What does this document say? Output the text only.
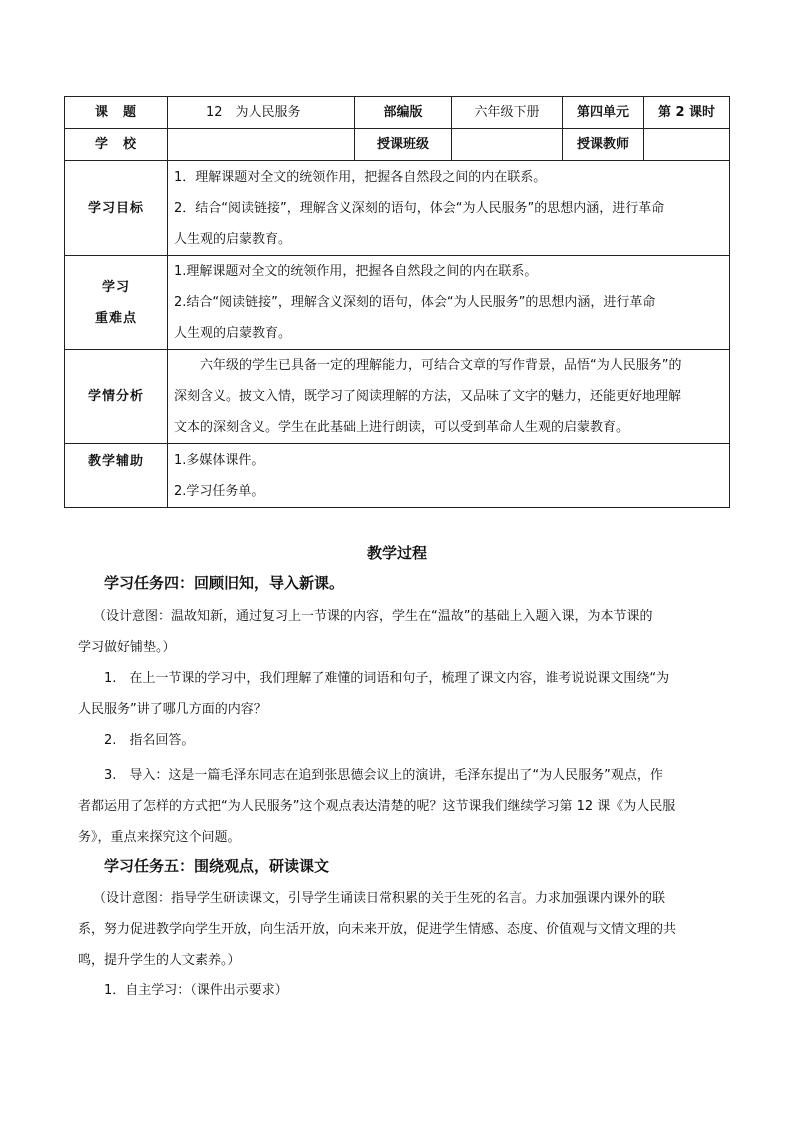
课　题	12　为人民服务	部编版	六年级下册	第四单元	第 2 课时
学　校		授课班级		授课教师	
学习目标	1．理解课题对全文的统领作用，把握各自然段之间的内在联系。
2．结合“阅读链接”，理解含义深刻的语句，体会“为人民服务”的思想内涵，进行革命
人生观的启蒙教育。				

学习
重难点	1.理解课题对全文的统领作用，把握各自然段之间的内在联系。
2.结合“阅读链接”，理解含义深刻的语句，体会“为人民服务”的思想内涵，进行革命
人生观的启蒙教育。				

学情分析	六年级的学生已具备一定的理解能力，可结合文章的写作背景，品悟“为人民服务”的
深刻含义。披文入情，既学习了阅读理解的方法，又品味了文字的魅力，还能更好地理解
文本的深刻含义。学生在此基础上进行朗读，可以受到革命人生观的启蒙教育。				

教学辅助	1.多媒体课件。
2.学习任务单。				
教学过程
学习任务四：回顾旧知，导入新课。
（设计意图：温故知新，通过复习上一节课的内容，学生在“温故”的基础上入题入课，为本节课的
学习做好铺垫。）
1.　在上一节课的学习中，我们理解了难懂的词语和句子，梳理了课文内容，谁考说说课文围绕“为
人民服务”讲了哪几方面的内容？
2.　指名回答。
3.　导入：这是一篇毛泽东同志在追到张思德会议上的演讲，毛泽东提出了“为人民服务”观点，作
者都运用了怎样的方式把“为人民服务”这个观点表达清楚的呢？这节课我们继续学习第 12 课《为人民服
务》，重点来探究这个问题。
学习任务五：围绕观点，研读课文
（设计意图：指导学生研读课文，引导学生诵读日常积累的关于生死的名言。力求加强课内课外的联
系，努力促进教学向学生开放，向生活开放，向未来开放，促进学生情感、态度、价值观与文情文理的共
鸣，提升学生的人文素养。）
1．自主学习：（课件出示要求）
